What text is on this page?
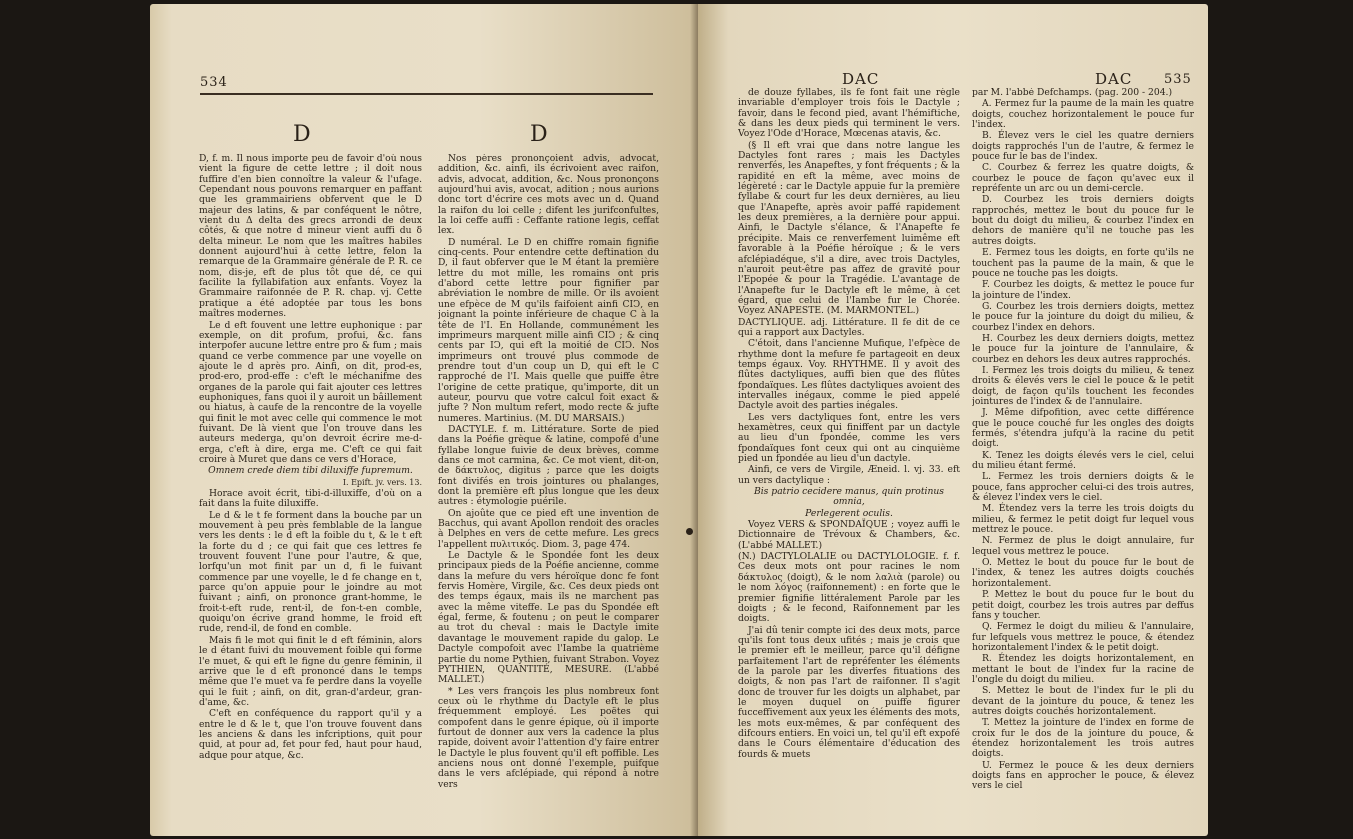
534
D	D

D, f. m. Il nous importe peu de favoir d'où nous vient la figure de cette lettre ; il doit nous fuffire d'en bien connoître la valeur & l'ufage. Cependant nous pouvons remarquer en paffant que les grammairiens obfervent que le D majeur des latins, & par conféquent le nôtre, vient du Δ delta des grecs arrondi de deux côtés, & que notre d mineur vient auffi du δ delta mineur. Le nom que les maîtres habiles donnent aujourd'hui à cette lettre, felon la remarque de la Grammaire générale de P. R. ce nom, dis-je, eft de plus tôt que dé, ce qui facilite la fyllabifation aux enfants. Voyez la Grammaire raifonnée de P. R. chap. vj. Cette pratique a été adoptée par tous les bons maîtres modernes.

Le d eft fouvent une lettre euphonique : par exemple, on dit profum, profui, &c. fans interpofer aucune lettre entre pro & fum ; mais quand ce verbe commence par une voyelle on ajoute le d après pro. Ainfi, on dit, prod-es, prod-ero, prod-effe : c'eft le méchanifme des organes de la parole qui fait ajouter ces lettres euphoniques, fans quoi il y auroit un bâillement ou hiatus, à caufe de la rencontre de la voyelle qui finit le mot avec celle qui commence le mot fuivant. De là vient que l'on trouve dans les auteurs mederga, qu'on devroit écrire me-d-erga, c'eft à dire, erga me. C'eft ce qui fait croire à Muret que dans ce vers d'Horace,

Omnem crede diem tibi diluxiffe fupremum.

I. Epift. jv. vers. 13.

Horace avoit écrit, tibi-d-illuxiffe, d'où on a fait dans la fuite diluxiffe.

Le d & le t fe forment dans la bouche par un mouvement à peu près femblable de la langue vers les dents : le d eft la foible du t, & le t eft la forte du d ; ce qui fait que ces lettres fe trouvent fouvent l'une pour l'autre, & que, lorfqu'un mot finit par un d, fi le fuivant commence par une voyelle, le d fe change en t, parce qu'on appuie pour le joindre au mot fuivant ; ainfi, on prononce grant-homme, le froit-t-eft rude, rent-il, de fon-t-en comble, quoiqu'on écrive grand homme, le froid eft rude, rend-il, de fond en comble.

Mais fi le mot qui finit le d eft féminin, alors le d étant fuivi du mouvement foible qui forme l'e muet, & qui eft le figne du genre féminin, il arrive que le d eft prononcé dans le temps même que l'e muet va fe perdre dans la voyelle qui le fuit ; ainfi, on dit, gran-d'ardeur, gran-d'ame, &c.

C'eft en conféquence du rapport qu'il y a entre le d & le t, que l'on trouve fouvent dans les anciens & dans les infcriptions, quit pour quid, at pour ad, fet pour fed, haut pour haud, adque pour atque, &c.

Nos pères prononçoient advis, advocat, addition, &c. ainfi, ils écrivoient avec raifon, advis, advocat, addition, &c. Nous prononçons aujourd'hui avis, avocat, adition ; nous aurions donc tort d'écrire ces mots avec un d. Quand la raifon du loi celle ; difent les jurifconfultes, la loi ceffe auffi : Ceffante ratione legis, ceffat lex.

D numéral. Le D en chiffre romain fignifie cinq-cents. Pour entendre cette deftination du D, il faut obferver que le M étant la première lettre du mot mille, les romains ont pris d'abord cette lettre pour fignifier par abréviation le nombre de mille. Or ils avoient une efpèce de M qu'ils faifoient ainfi CIↃ, en joignant la pointe inférieure de chaque C à la tête de l'I. En Hollande, communément les imprimeurs marquent mille ainfi CIↃ ; & cinq cents par IↃ, qui eft la moitié de CIↃ. Nos imprimeurs ont trouvé plus commode de prendre tout d'un coup un D, qui eft le C rapproché de l'I. Mais quelle que puiffe être l'origine de cette pratique, qu'importe, dit un auteur, pourvu que votre calcul foit exact & jufte ? Non multum refert, modo recte & jufte numeres. Martinius. (M. DU MARSAIS.)

DACTYLE. f. m. Littérature. Sorte de pied dans la Poéfie grèque & latine, compofé d'une fyllabe longue fuivie de deux brèves, comme dans ce mot carmina, &c. Ce mot vient, dit-on, de δάκτυλος, digitus ; parce que les doigts font divifés en trois jointures ou phalanges, dont la première eft plus longue que les deux autres : étymologie puérile.

On ajoûte que ce pied eft une invention de Bacchus, qui avant Apollon rendoit des oracles à Delphes en vers de cette mefure. Les grecs l'appellent πυλιτικός. Diom. 3, page 474.

Le Dactyle & le Spondée font les deux principaux pieds de la Poéfie ancienne, comme dans la mefure du vers héroïque donc fe font fervis Homère, Virgile, &c. Ces deux pieds ont des temps égaux, mais ils ne marchent pas avec la même viteffe. Le pas du Spondée eft égal, ferme, & foutenu ; on peut le comparer au trot du cheval : mais le Dactyle imite davantage le mouvement rapide du galop. Le Dactyle compofoit avec l'Iambe la quatrième partie du nome Pythien, fuivant Strabon. Voyez PYTHIEN, QUANTITÉ, MESURE. (L'abbé MALLET.)

* Les vers françois les plus nombreux font ceux où le rhythme du Dactyle eft le plus fréquemment employé. Les poëtes qui compofent dans le genre épique, où il importe furtout de donner aux vers la cadence la plus rapide, doivent avoir l'attention d'y faire entrer le Dactyle le plus fouvent qu'il eft poffible. Les anciens nous ont donné l'exemple, puifque dans le vers afclépiade, qui répond à notre vers

DAC	DAC 535

de douze fyllabes, ils fe font fait une règle invariable d'employer trois fois le Dactyle ; favoir, dans le fecond pied, avant l'hémiftiche, & dans les deux pieds qui terminent le vers. Voyez l'Ode d'Horace, Mœcenas atavis, &c.

(§ Il eft vrai que dans notre langue les Dactyles font rares ; mais les Dactyles renverfés, les Anapeftes, y font fréquents ; & la rapidité en eft la même, avec moins de légèreté : car le Dactyle appuie fur la première fyllabe & court fur les deux dernières, au lieu que l'Anapefte, après avoir paffé rapidement les deux premières, a la dernière pour appui. Ainfi, le Dactyle s'élance, & l'Anapefte fe précipite. Mais ce renverfement luimême eft favorable à la Poéfie héroïque ; & le vers afclépiadéque, s'il a dire, avec trois Dactyles, n'auroit peut-être pas affez de gravité pour l'Epopée & pour la Tragédie. L'avantage de l'Anapefte fur le Dactyle eft le même, à cet égard, que celui de l'Iambe fur le Chorée. Voyez ANAPESTE. (M. MARMONTEL.)

DACTYLIQUE. adj. Littérature. Il fe dit de ce qui a rapport aux Dactyles.

C'étoit, dans l'ancienne Mufique, l'efpèce de rhythme dont la mefure fe partageoit en deux temps égaux. Voy. RHYTHME. Il y avoit des flûtes dactyliques, auffi bien que des flûtes fpondaïques. Les flûtes dactyliques avoient des intervalles inégaux, comme le pied appelé Dactyle avoit des parties inégales.

Les vers dactyliques font, entre les vers hexamètres, ceux qui finiffent par un dactyle au lieu d'un fpondée, comme les vers fpondaïques font ceux qui ont au cinquième pied un fpondée au lieu d'un dactyle.

Ainfi, ce vers de Virgile, Æneid. l. vj. 33. eft un vers dactylique :

Bis patrio cecidere manus, quin protinus omnia,

Perlegerent oculis.

Voyez VERS & SPONDAÏQUE ; voyez auffi le Dictionnaire de Trévoux & Chambers, &c. (L'abbé MALLET.)

(N.) DACTYLOLALIE ou DACTYLOLOGIE. f. f. Ces deux mots ont pour racines le nom δάκτυλος (doigt), & le nom λαλιὰ (parole) ou le nom λόγος (raifonnement) : en forte que le premier fignifie littéralement Parole par les doigts ; & le fecond, Raifonnement par les doigts.

J'ai dû tenir compte ici des deux mots, parce qu'ils font tous deux ufités ; mais je crois que le premier eft le meilleur, parce qu'il défigne parfaitement l'art de repréfenter les éléments de la parole par les diverfes fituations des doigts, & non pas l'art de raifonner. Il s'agit donc de trouver fur les doigts un alphabet, par le moyen duquel on puiffe figurer fucceffivement aux yeux les éléments des mots, les mots eux-mêmes, & par conféquent des difcours entiers. En voici un, tel qu'il eft expofé dans le Cours élémentaire d'éducation des fourds & muets

par M. l'abbé Defchamps. (pag. 200 - 204.)

A. Fermez fur la paume de la main les quatre doigts, couchez horizontalement le pouce fur l'index.

B. Élevez vers le ciel les quatre derniers doigts rapprochés l'un de l'autre, & fermez le pouce fur le bas de l'index.

C. Courbez & ferrez les quatre doigts, & courbez le pouce de façon qu'avec eux il repréfente un arc ou un demi-cercle.

D. Courbez les trois derniers doigts rapprochés, mettez le bout du pouce fur le bout du doigt du milieu, & courbez l'index en dehors de manière qu'il ne touche pas les autres doigts.

E. Fermez tous les doigts, en forte qu'ils ne touchent pas la paume de la main, & que le pouce ne touche pas les doigts.

F. Courbez les doigts, & mettez le pouce fur la jointure de l'index.

G. Courbez les trois derniers doigts, mettez le pouce fur la jointure du doigt du milieu, & courbez l'index en dehors.

H. Courbez les deux derniers doigts, mettez le pouce fur la jointure de l'annulaire, & courbez en dehors les deux autres rapprochés.

I. Fermez les trois doigts du milieu, & tenez droits & élevés vers le ciel le pouce & le petit doigt, de façon qu'ils touchent les fecondes jointures de l'index & de l'annulaire.

J. Même difpofition, avec cette différence que le pouce couché fur les ongles des doigts fermés, s'étendra jufqu'à la racine du petit doigt.

K. Tenez les doigts élevés vers le ciel, celui du milieu étant fermé.

L. Fermez les trois derniers doigts & le pouce, fans approcher celui-ci des trois autres, & élevez l'index vers le ciel.

M. Étendez vers la terre les trois doigts du milieu, & fermez le petit doigt fur lequel vous mettrez le pouce.

N. Fermez de plus le doigt annulaire, fur lequel vous mettrez le pouce.

O. Mettez le bout du pouce fur le bout de l'index, & tenez les autres doigts couchés horizontalement.

P. Mettez le bout du pouce fur le bout du petit doigt, courbez les trois autres par deffus fans y toucher.

Q. Fermez le doigt du milieu & l'annulaire, fur lefquels vous mettrez le pouce, & étendez horizontalement l'index & le petit doigt.

R. Étendez les doigts horizontalement, en mettant le bout de l'index fur la racine de l'ongle du doigt du milieu.

S. Mettez le bout de l'index fur le pli du devant de la jointure du pouce, & tenez les autres doigts couchés horizontalement.

T. Mettez la jointure de l'index en forme de croix fur le dos de la jointure du pouce, & étendez horizontalement les trois autres doigts.

U. Fermez le pouce & les deux derniers doigts fans en approcher le pouce, & élevez vers le ciel
